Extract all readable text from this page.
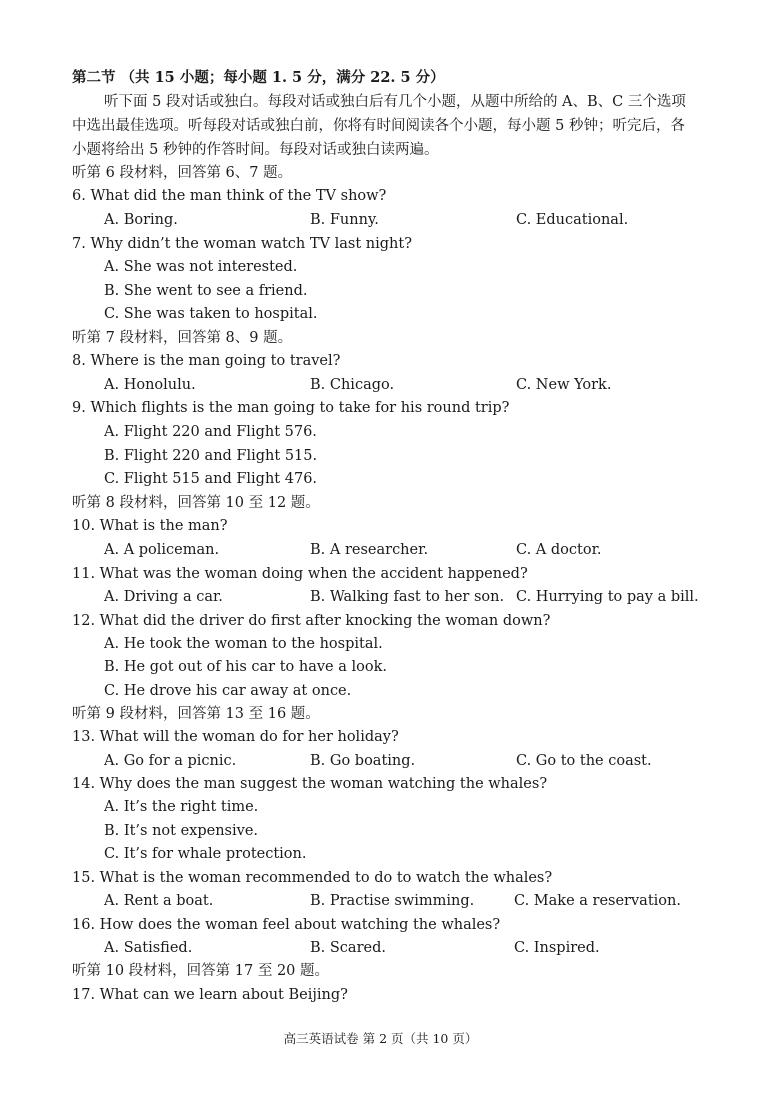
第二节 （共 15 小题；每小题 1. 5 分，满分 22. 5 分）
听下面 5 段对话或独白。每段对话或独白后有几个小题，从题中所给的 A、B、C 三个选项
中选出最佳选项。听每段对话或独白前，你将有时间阅读各个小题，每小题 5 秒钟；听完后，各
小题将给出 5 秒钟的作答时间。每段对话或独白读两遍。
听第 6 段材料，回答第 6、7 题。
6. What did the man think of the TV show?
A. Boring.	B. Funny.	C. Educational.
7. Why didn’t the woman watch TV last night?
A. She was not interested.
B. She went to see a friend.
C. She was taken to hospital.
听第 7 段材料，回答第 8、9 题。
8. Where is the man going to travel?
A. Honolulu.	B. Chicago.	C. New York.
9. Which flights is the man going to take for his round trip?
A. Flight 220 and Flight 576.
B. Flight 220 and Flight 515.
C. Flight 515 and Flight 476.
听第 8 段材料，回答第 10 至 12 题。
10. What is the man?
A. A policeman.	B. A researcher.	C. A doctor.
11. What was the woman doing when the accident happened?
A. Driving a car.	B. Walking fast to her son. C. Hurrying to pay a bill.
12. What did the driver do first after knocking the woman down?
A. He took the woman to the hospital.
B. He got out of his car to have a look.
C. He drove his car away at once.
听第 9 段材料，回答第 13 至 16 题。
13. What will the woman do for her holiday?
A. Go for a picnic.	B. Go boating.	C. Go to the coast.
14. Why does the man suggest the woman watching the whales?
A. It’s the right time.
B. It’s not expensive.
C. It’s for whale protection.
15. What is the woman recommended to do to watch the whales?
A. Rent a boat.	B. Practise swimming.	C. Make a reservation.
16. How does the woman feel about watching the whales?
A. Satisfied.	B. Scared.	C. Inspired.
听第 10 段材料，回答第 17 至 20 题。
17. What can we learn about Beijing?
高三英语试卷 第 2 页（共 10 页）
